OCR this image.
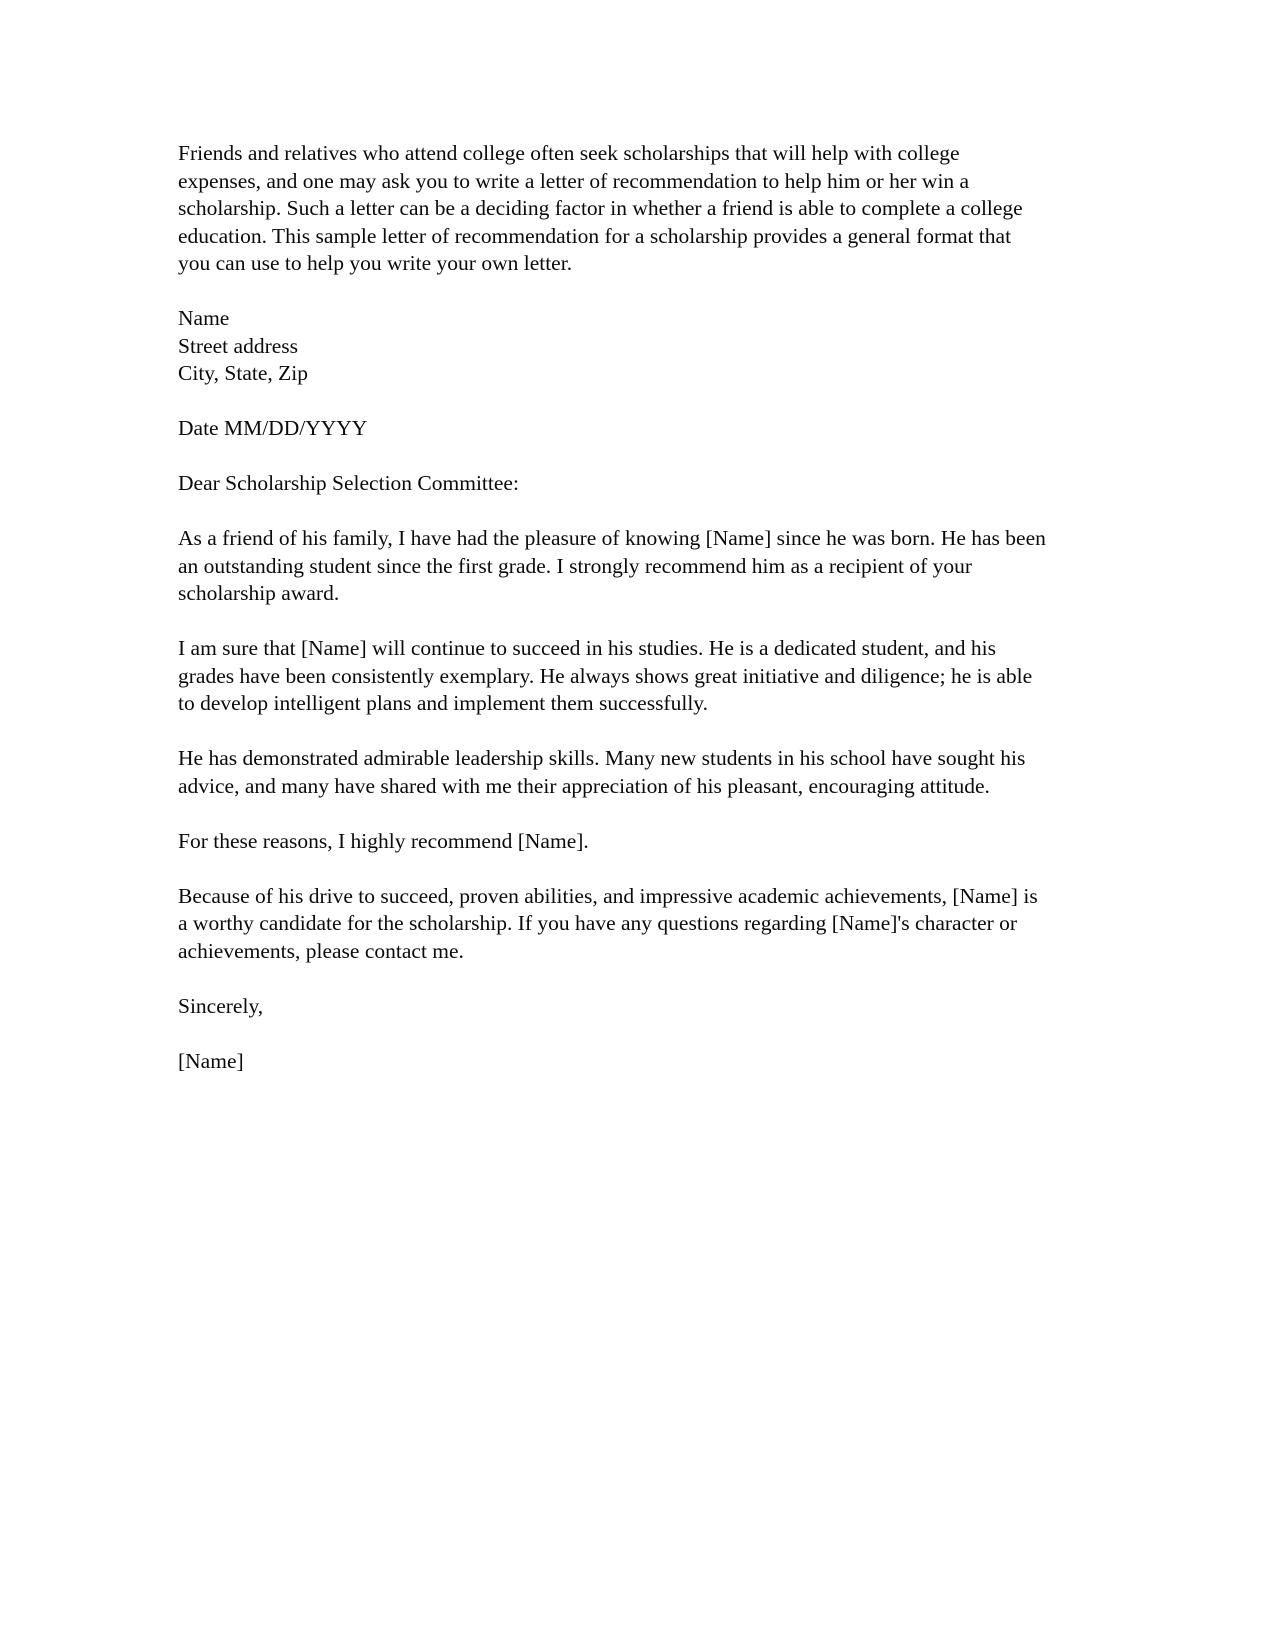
Friends and relatives who attend college often seek scholarships that will help with college expenses, and one may ask you to write a letter of recommendation to help him or her win a scholarship. Such a letter can be a deciding factor in whether a friend is able to complete a college education. This sample letter of recommendation for a scholarship provides a general format that you can use to help you write your own letter.

Name
Street address
City, State, Zip

Date MM/DD/YYYY

Dear Scholarship Selection Committee:

As a friend of his family, I have had the pleasure of knowing [Name] since he was born. He has been an outstanding student since the first grade. I strongly recommend him as a recipient of your scholarship award.

I am sure that [Name] will continue to succeed in his studies. He is a dedicated student, and his grades have been consistently exemplary. He always shows great initiative and diligence; he is able to develop intelligent plans and implement them successfully.

He has demonstrated admirable leadership skills. Many new students in his school have sought his advice, and many have shared with me their appreciation of his pleasant, encouraging attitude.

For these reasons, I highly recommend [Name].

Because of his drive to succeed, proven abilities, and impressive academic achievements, [Name] is a worthy candidate for the scholarship. If you have any questions regarding [Name]'s character or achievements, please contact me.

Sincerely,

[Name]
